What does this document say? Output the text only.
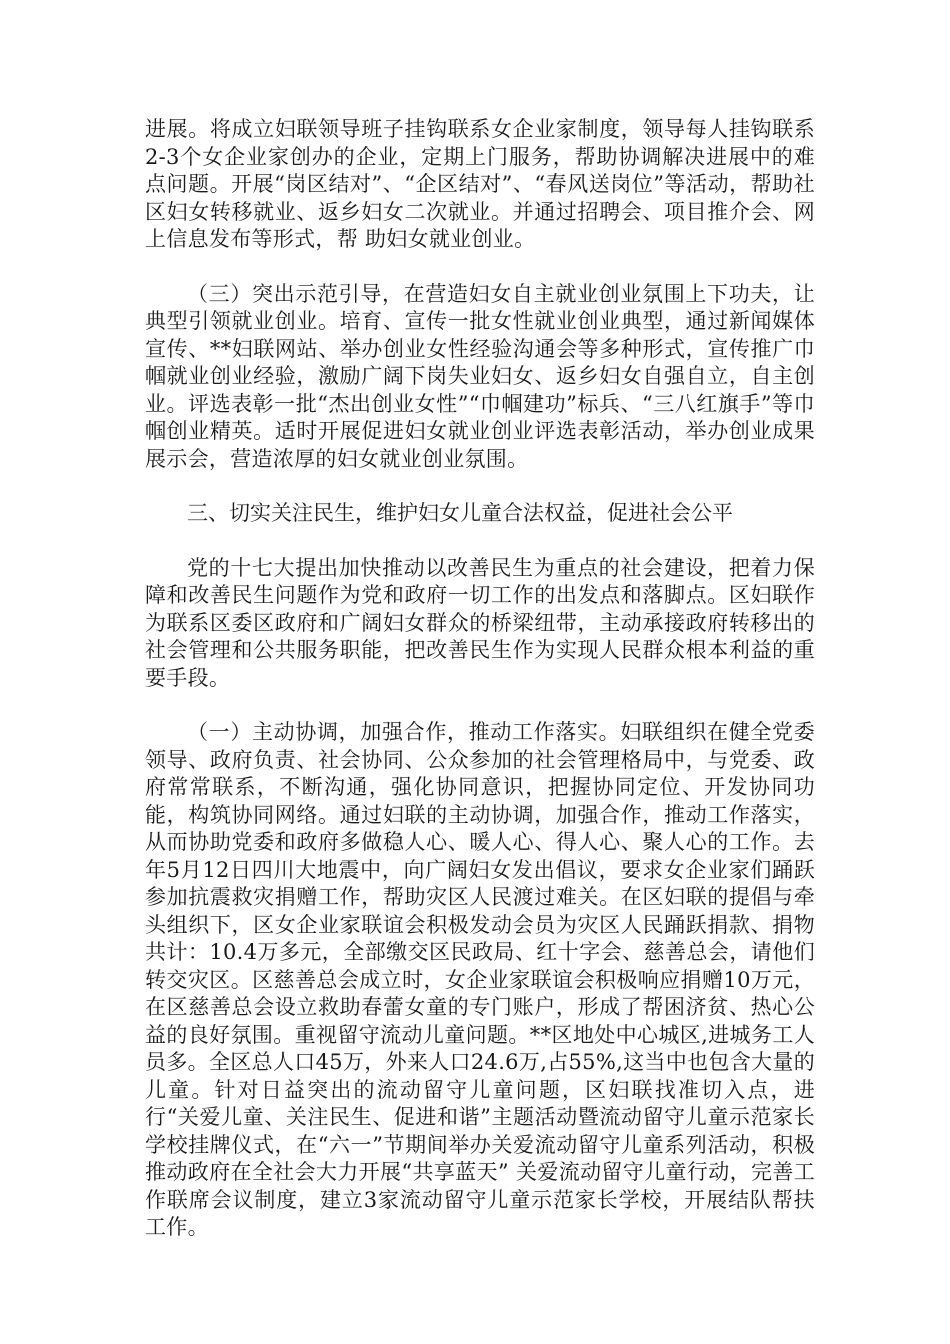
进展。将成立妇联领导班子挂钩联系女企业家制度，领导每人挂钩联系2-3个女企业家创办的企业，定期上门服务，帮助协调解决进展中的难点问题。开展“岗区结对”、“企区结对”、“春风送岗位”等活动，帮助社区妇女转移就业、返乡妇女二次就业。并通过招聘会、项目推介会、网上信息发布等形式，帮 助妇女就业创业。

（三）突出示范引导，在营造妇女自主就业创业氛围上下功夫，让典型引领就业创业。培育、宣传一批女性就业创业典型，通过新闻媒体宣传、**妇联网站、举办创业女性经验沟通会等多种形式，宣传推广巾帼就业创业经验，激励广阔下岗失业妇女、返乡妇女自强自立，自主创业。评选表彰一批“杰出创业女性”“巾帼建功”标兵、“三八红旗手”等巾帼创业精英。适时开展促进妇女就业创业评选表彰活动，举办创业成果展示会，营造浓厚的妇女就业创业氛围。

三、切实关注民生，维护妇女儿童合法权益，促进社会公平

党的十七大提出加快推动以改善民生为重点的社会建设，把着力保障和改善民生问题作为党和政府一切工作的出发点和落脚点。区妇联作为联系区委区政府和广阔妇女群众的桥梁纽带，主动承接政府转移出的社会管理和公共服务职能，把改善民生作为实现人民群众根本利益的重要手段。

（一）主动协调，加强合作，推动工作落实。妇联组织在健全党委领导、政府负责、社会协同、公众参加的社会管理格局中，与党委、政府常常联系，不断沟通，强化协同意识，把握协同定位、开发协同功能，构筑协同网络。通过妇联的主动协调，加强合作，推动工作落实，从而协助党委和政府多做稳人心、暖人心、得人心、聚人心的工作。去年5月12日四川大地震中，向广阔妇女发出倡议，要求女企业家们踊跃参加抗震救灾捐赠工作，帮助灾区人民渡过难关。在区妇联的提倡与牵头组织下，区女企业家联谊会积极发动会员为灾区人民踊跃捐款、捐物共计：10.4万多元，全部缴交区民政局、红十字会、慈善总会，请他们转交灾区。区慈善总会成立时，女企业家联谊会积极响应捐赠10万元，在区慈善总会设立救助春蕾女童的专门账户，形成了帮困济贫、热心公益的良好氛围。重视留守流动儿童问题。**区地处中心城区,进城务工人员多。全区总人口45万，外来人口24.6万,占55%,这当中也包含大量的儿童。针对日益突出的流动留守儿童问题，区妇联找准切入点，进行“关爱儿童、关注民生、促进和谐”主题活动暨流动留守儿童示范家长学校挂牌仪式，在“六一”节期间举办关爱流动留守儿童系列活动，积极推动政府在全社会大力开展“共享蓝天” 关爱流动留守儿童行动，完善工作联席会议制度，建立3家流动留守儿童示范家长学校，开展结队帮扶工作。
